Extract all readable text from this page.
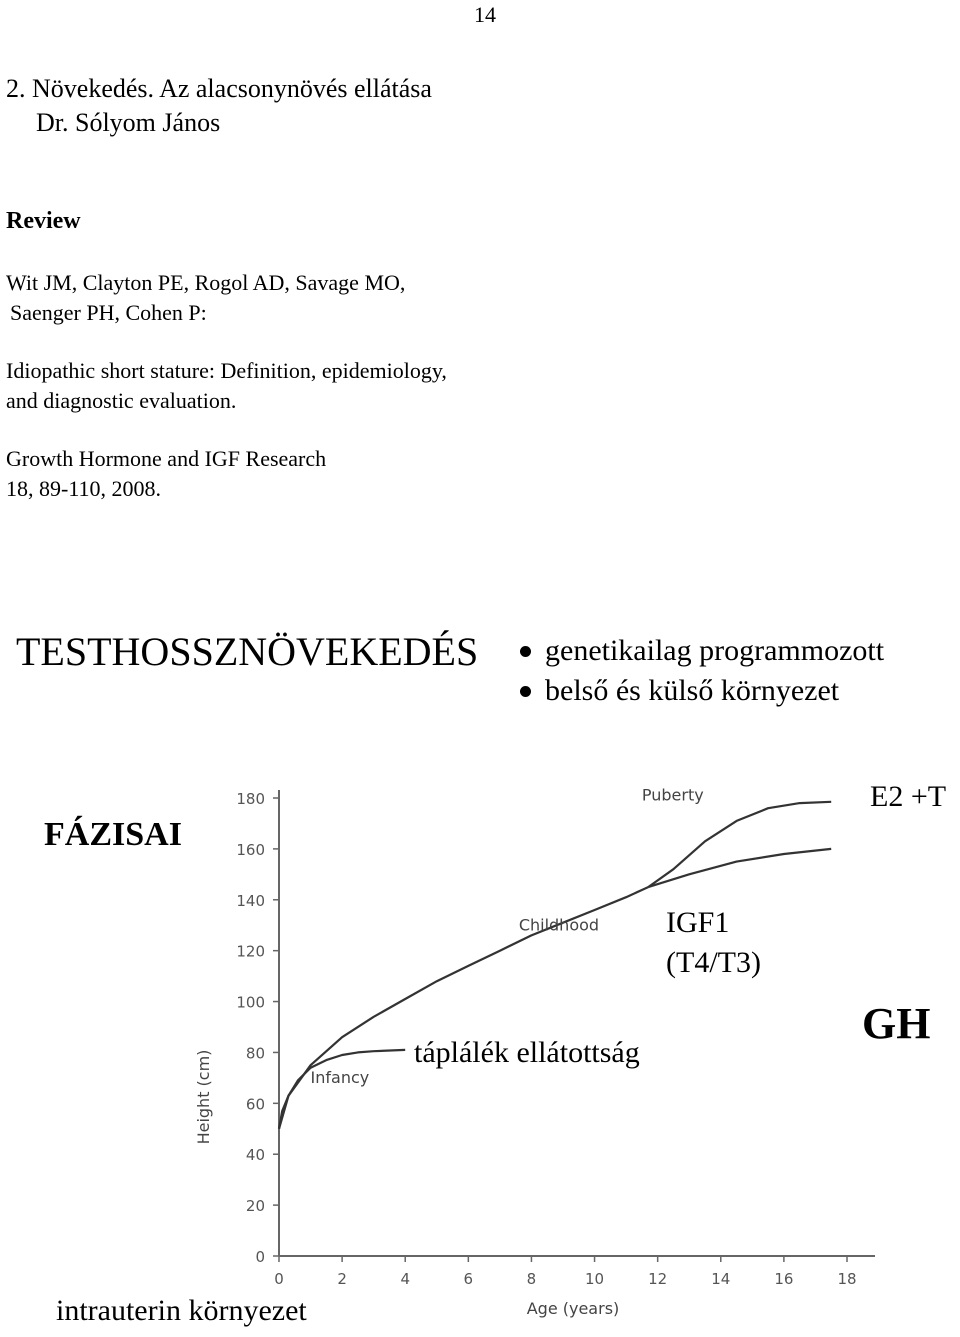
14
2. Növekedés. Az alacsonynövés ellátása
Dr. Sólyom János
Review
Wit JM, Clayton PE, Rogol AD, Savage MO,
Saenger PH, Cohen P:
Idiopathic short stature: Definition, epidemiology,
and diagnostic evaluation.
Growth Hormone and IGF Research
18, 89-110, 2008.
TESTHOSSZNÖVEKEDÉS	genetikailag programmozott
belső és külső környezet
0
20
40
60
80
100
120
140
160
180
0	2	4	6	8	10	12	14	16	18
Age (years)
Height (cm)	Infancy
Childhood
Puberty
FÁZISAI
E2 +T
IGF1
(T4/T3)
GH
táplálék ellátottság
intrauterin környezet
